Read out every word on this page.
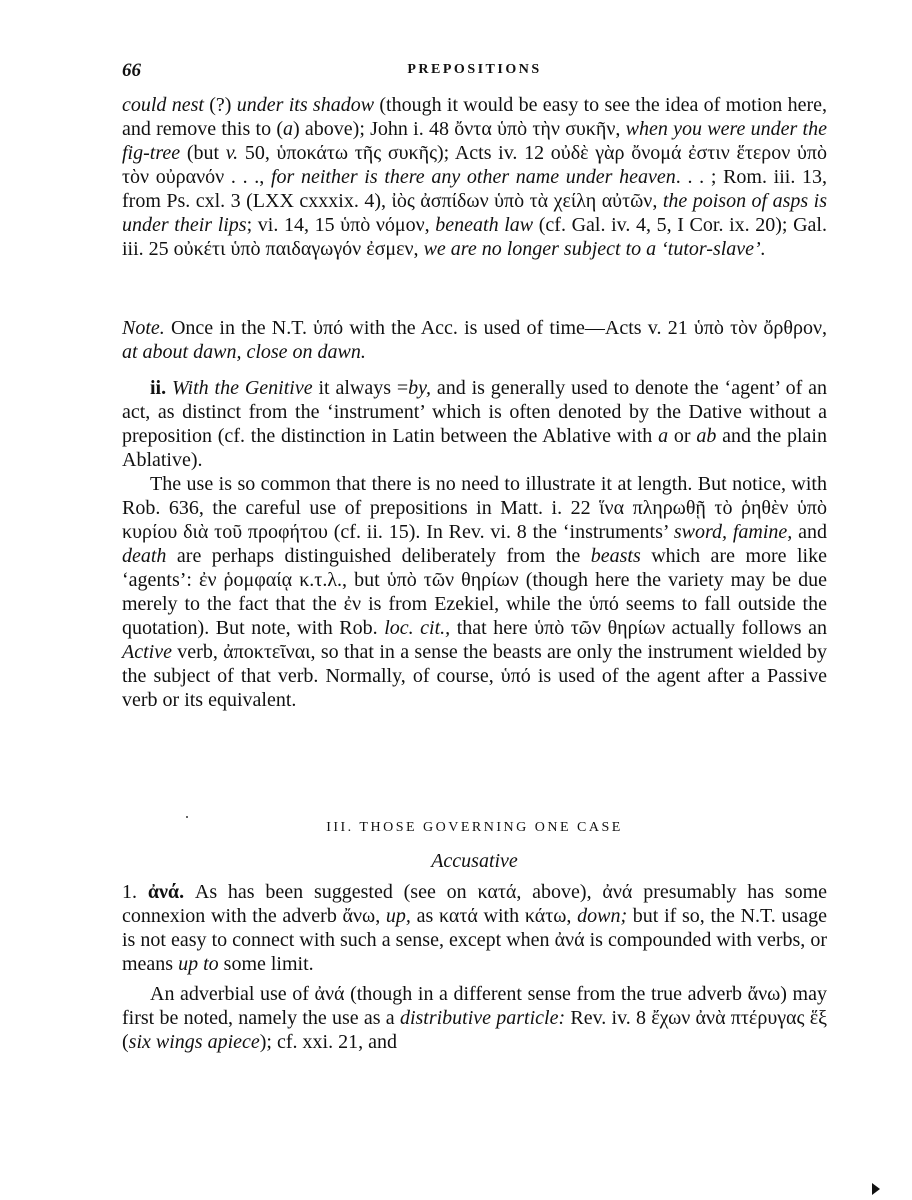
66	PREPOSITIONS

could nest (?) under its shadow (though it would be easy to see the idea of motion here, and remove this to (a) above); John i. 48 ὄντα ὑπὸ τὴν συκῆν, when you were under the fig-tree (but v. 50, ὑποκάτω τῆς συκῆς); Acts iv. 12 οὐδὲ γὰρ ὄνομά ἐστιν ἕτερον ὑπὸ τὸν οὐρανόν . . ., for neither is there any other name under heaven. . . ; Rom. iii. 13, from Ps. cxl. 3 (LXX cxxxix. 4), ἰὸς ἀσπίδων ὑπὸ τὰ χείλη αὐτῶν, the poison of asps is under their lips; vi. 14, 15 ὑπὸ νόμον, beneath law (cf. Gal. iv. 4, 5, I Cor. ix. 20); Gal. iii. 25 οὐκέτι ὑπὸ παιδαγωγόν ἐσμεν, we are no longer subject to a ‘tutor-slave’.

Note. Once in the N.T. ὑπό with the Acc. is used of time—Acts v. 21 ὑπὸ τὸν ὄρθρον, at about dawn, close on dawn.

ii. With the Genitive it always =by, and is generally used to denote the ‘agent’ of an act, as distinct from the ‘instrument’ which is often denoted by the Dative without a preposition (cf. the distinction in Latin between the Ablative with a or ab and the plain Ablative).

The use is so common that there is no need to illustrate it at length. But notice, with Rob. 636, the careful use of prepositions in Matt. i. 22 ἵνα πληρωθῇ τὸ ῥηθὲν ὑπὸ κυρίου διὰ τοῦ προφήτου (cf. ii. 15). In Rev. vi. 8 the ‘instruments’ sword, famine, and death are perhaps distinguished deliberately from the beasts which are more like ‘agents’: ἐν ῥομφαίᾳ κ.τ.λ., but ὑπὸ τῶν θηρίων (though here the variety may be due merely to the fact that the ἐν is from Ezekiel, while the ὑπό seems to fall outside the quotation). But note, with Rob. loc. cit., that here ὑπὸ τῶν θηρίων actually follows an Active verb, ἀποκτεῖναι, so that in a sense the beasts are only the instrument wielded by the subject of that verb. Normally, of course, ὑπό is used of the agent after a Passive verb or its equivalent.

III. THOSE GOVERNING ONE CASE
Accusative

1. ἀνά. As has been suggested (see on κατά, above), ἀνά presumably has some connexion with the adverb ἄνω, up, as κατά with κάτω, down; but if so, the N.T. usage is not easy to connect with such a sense, except when ἀνά is compounded with verbs, or means up to some limit.

An adverbial use of ἀνά (though in a different sense from the true adverb ἄνω) may first be noted, namely the use as a distributive particle: Rev. iv. 8 ἔχων ἀνὰ πτέρυγας ἕξ (six wings apiece); cf. xxi. 21, and
